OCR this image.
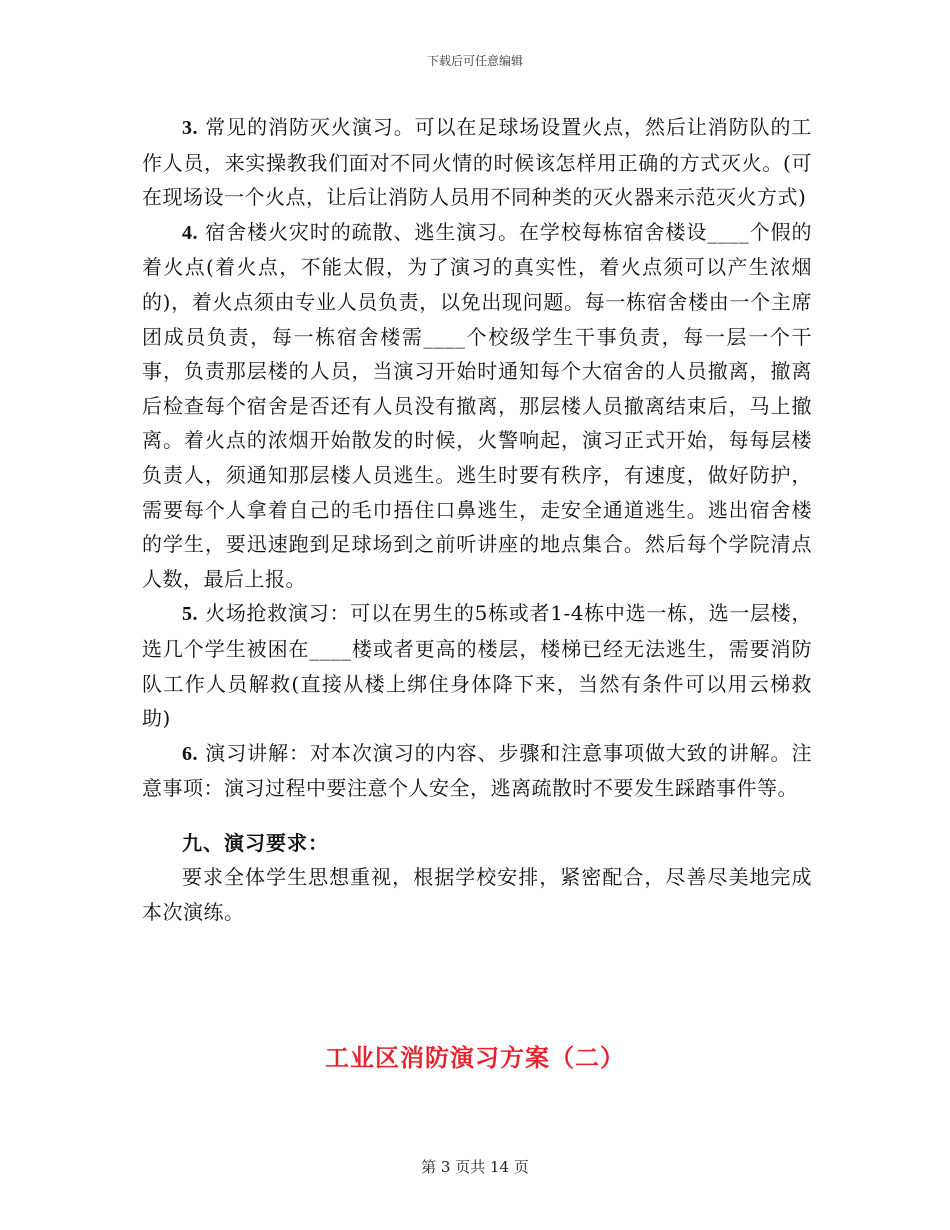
下载后可任意编辑

3. 常见的消防灭火演习。可以在足球场设置火点，然后让消防队的工作人员，来实操教我们面对不同火情的时候该怎样用正确的方式灭火。(可在现场设一个火点，让后让消防人员用不同种类的灭火器来示范灭火方式)

4. 宿舍楼火灾时的疏散、逃生演习。在学校每栋宿舍楼设____个假的着火点(着火点，不能太假，为了演习的真实性，着火点须可以产生浓烟的)，着火点须由专业人员负责，以免出现问题。每一栋宿舍楼由一个主席团成员负责，每一栋宿舍楼需____个校级学生干事负责，每一层一个干事，负责那层楼的人员，当演习开始时通知每个大宿舍的人员撤离，撤离后检查每个宿舍是否还有人员没有撤离，那层楼人员撤离结束后，马上撤离。着火点的浓烟开始散发的时候，火警响起，演习正式开始，每每层楼负责人，须通知那层楼人员逃生。逃生时要有秩序，有速度，做好防护，需要每个人拿着自己的毛巾捂住口鼻逃生，走安全通道逃生。逃出宿舍楼的学生，要迅速跑到足球场到之前听讲座的地点集合。然后每个学院清点人数，最后上报。

5. 火场抢救演习：可以在男生的5栋或者1-4栋中选一栋，选一层楼，选几个学生被困在____楼或者更高的楼层，楼梯已经无法逃生，需要消防队工作人员解救(直接从楼上绑住身体降下来，当然有条件可以用云梯救助)

6. 演习讲解：对本次演习的内容、步骤和注意事项做大致的讲解。注意事项：演习过程中要注意个人安全，逃离疏散时不要发生踩踏事件等。

九、演习要求：

要求全体学生思想重视，根据学校安排，紧密配合，尽善尽美地完成本次演练。

工业区消防演习方案（二）
第 3 页共 14 页
